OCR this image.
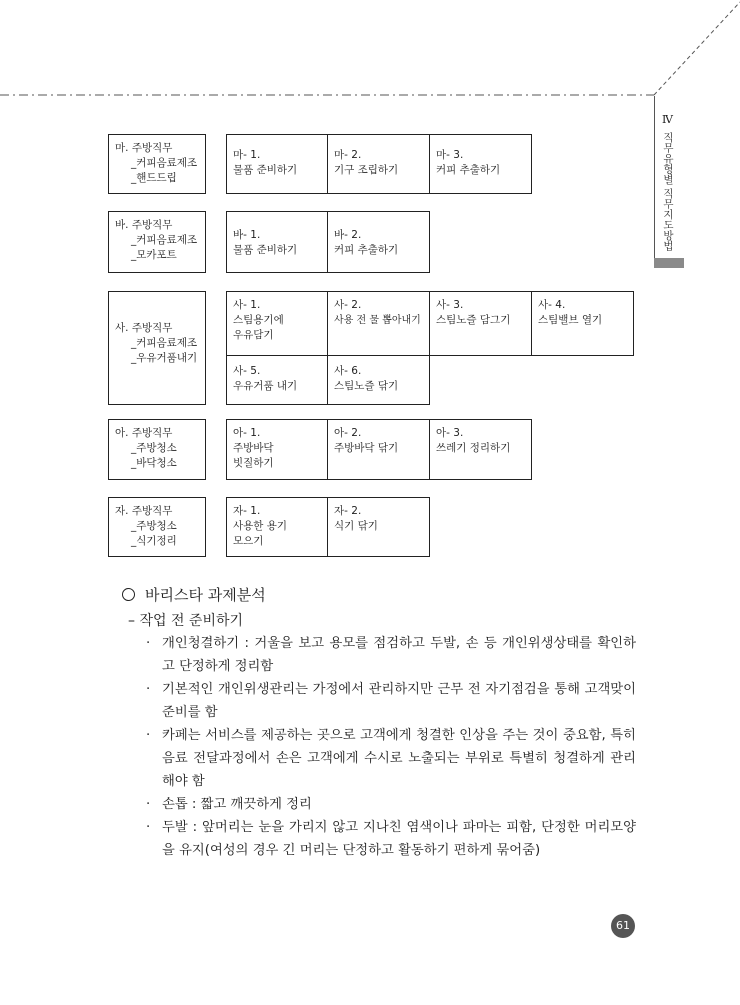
Ⅳ
직무유형별 직무지도방법
마. 주방직무
_커피음료제조
_핸드드립
마- 1.
물품 준비하기
마- 2.
기구 조립하기
마- 3.
커피 추출하기
바. 주방직무
_커피음료제조
_모카포트
바- 1.
물품 준비하기
바- 2.
커피 추출하기
사. 주방직무
_커피음료제조
_우유거품내기
사- 1.
스팀용기에
우유담기
사- 2.
사용 전 물 뽑아내기
사- 3.
스팀노즐 담그기
사- 4.
스팀밸브 열기
사- 5.
우유거품 내기
사- 6.
스팀노즐 닦기
아. 주방직무
_주방청소
_바닥청소
아- 1.
주방바닥
빗질하기
아- 2.
주방바닥 닦기
아- 3.
쓰레기 정리하기
자. 주방직무
_주방청소
_식기정리
자- 1.
사용한 용기
모으기
자- 2.
식기 닦기
바리스타 과제분석
– 작업 전 준비하기
· 개인청결하기 : 거울을 보고 용모를 점검하고 두발, 손 등 개인위생상태를 확인하고 단정하게 정리함
· 기본적인 개인위생관리는 가정에서 관리하지만 근무 전 자기점검을 통해 고객맞이 준비를 함
· 카페는 서비스를 제공하는 곳으로 고객에게 청결한 인상을 주는 것이 중요함, 특히 음료 전달과정에서 손은 고객에게 수시로 노출되는 부위로 특별히 청결하게 관리해야 함
· 손톱 : 짧고 깨끗하게 정리
· 두발 : 앞머리는 눈을 가리지 않고 지나친 염색이나 파마는 피함, 단정한 머리모양을 유지(여성의 경우 긴 머리는 단정하고 활동하기 편하게 묶어줌)
61
